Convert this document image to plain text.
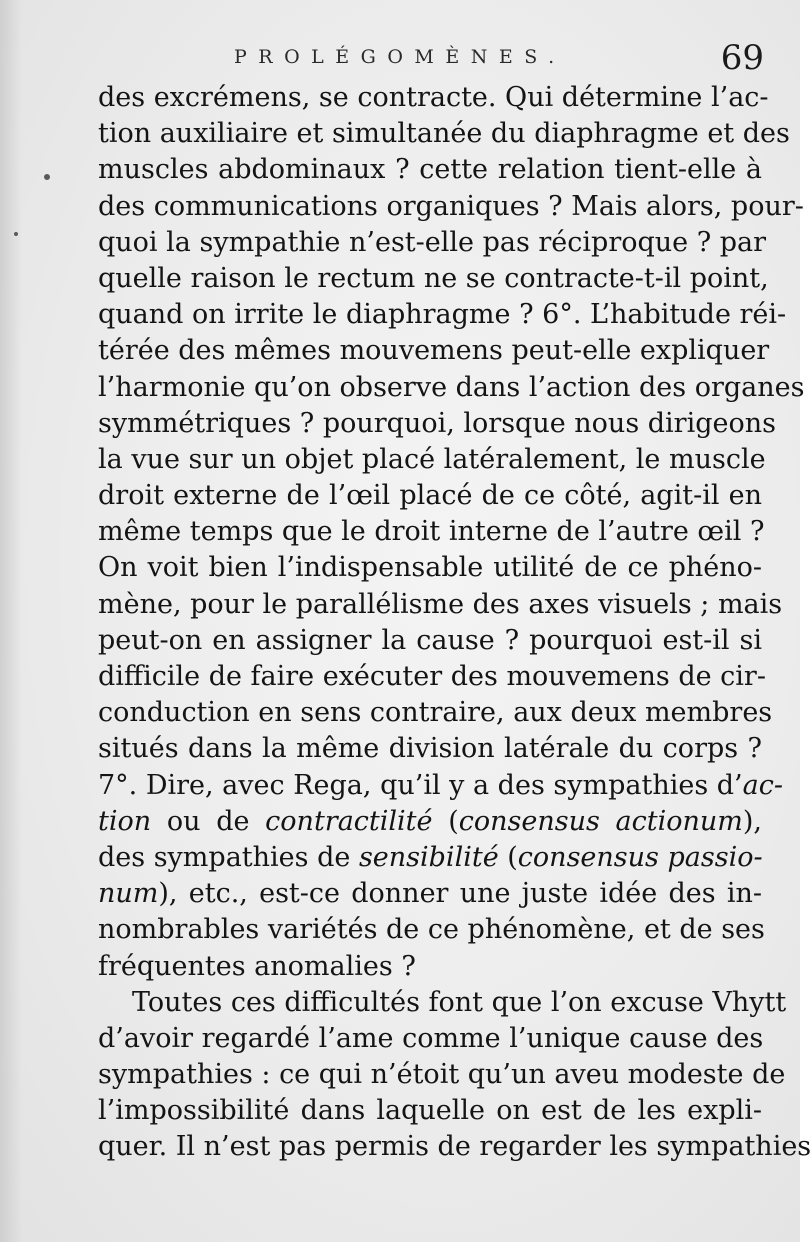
PROLÉGOMÈNES.	69
des excrémens, se contracte. Qui détermine l’ac-
tion auxiliaire et simultanée du diaphragme et des
muscles abdominaux ? cette relation tient-elle à
des communications organiques ? Mais alors, pour-
quoi la sympathie n’est-elle pas réciproque ? par
quelle raison le rectum ne se contracte-t-il point,
quand on irrite le diaphragme ? 6°. L’habitude réi-
térée des mêmes mouvemens peut-elle expliquer
l’harmonie qu’on observe dans l’action des organes
symmétriques ? pourquoi, lorsque nous dirigeons
la vue sur un objet placé latéralement, le muscle
droit externe de l’œil placé de ce côté, agit-il en
même temps que le droit interne de l’autre œil ?
On voit bien l’indispensable utilité de ce phéno-
mène, pour le parallélisme des axes visuels ; mais
peut-on en assigner la cause ? pourquoi est-il si
difficile de faire exécuter des mouvemens de cir-
conduction en sens contraire, aux deux membres
situés dans la même division latérale du corps ?
7°. Dire, avec Rega, qu’il y a des sympathies d’ac-
tion ou de contractilité (consensus actionum),
des sympathies de sensibilité (consensus passio-
num), etc., est-ce donner une juste idée des in-
nombrables variétés de ce phénomène, et de ses
fréquentes anomalies ?
Toutes ces difficultés font que l’on excuse Vhytt
d’avoir regardé l’ame comme l’unique cause des
sympathies : ce qui n’étoit qu’un aveu modeste de
l’impossibilité dans laquelle on est de les expli-
quer. Il n’est pas permis de regarder les sympathies
